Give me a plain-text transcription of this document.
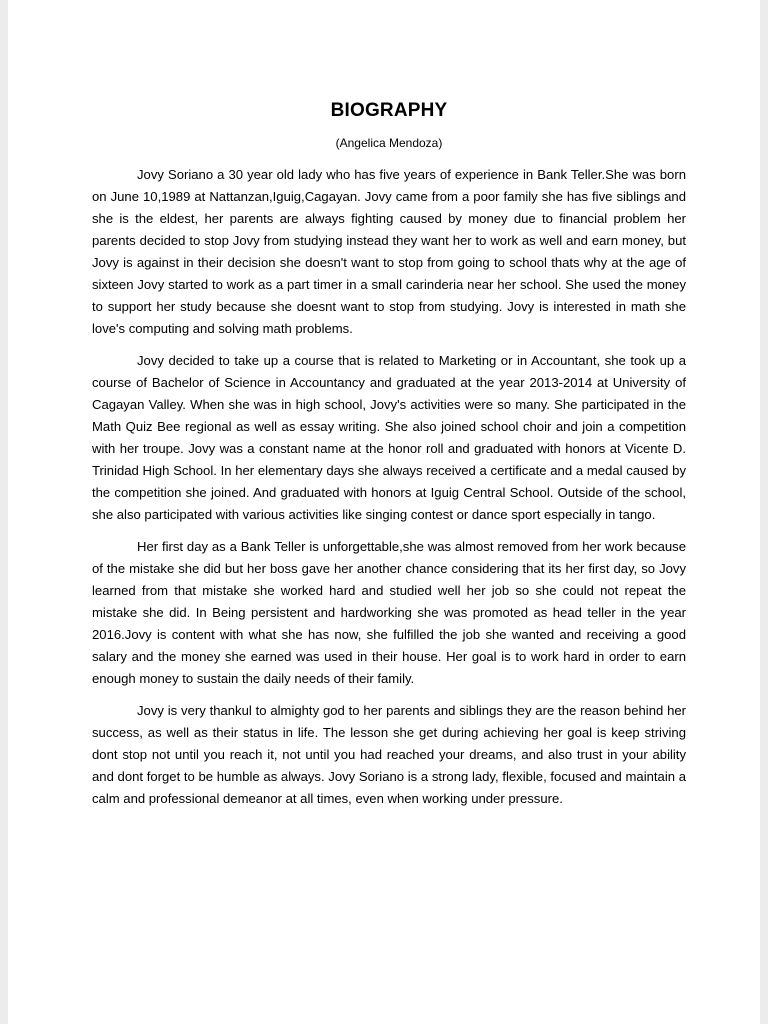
BIOGRAPHY

(Angelica Mendoza)

Jovy Soriano a 30 year old lady who has five years of experience in Bank Teller.She was born on June 10,1989 at Nattanzan,Iguig,Cagayan. Jovy came from a poor family she has five siblings and she is the eldest, her parents are always fighting caused by money due to financial problem her parents decided to stop Jovy from studying instead they want her to work as well and earn money, but Jovy is against in their decision she doesn't want to stop from going to school thats why at the age of sixteen Jovy started to work as a part timer in a small carinderia near her school. She used the money to support her study because she doesnt want to stop from studying. Jovy is interested in math she love's computing and solving math problems.

Jovy decided to take up a course that is related to Marketing or in Accountant, she took up a course of Bachelor of Science in Accountancy and graduated at the year 2013-2014 at University of Cagayan Valley. When she was in high school, Jovy's activities were so many. She participated in the Math Quiz Bee regional as well as essay writing. She also joined school choir and join a competition with her troupe. Jovy was a constant name at the honor roll and graduated with honors at Vicente D. Trinidad High School. In her elementary days she always received a certificate and a medal caused by the competition she joined. And graduated with honors at Iguig Central School. Outside of the school, she also participated with various activities like singing contest or dance sport especially in tango.

Her first day as a Bank Teller is unforgettable,she was almost removed from her work because of the mistake she did but her boss gave her another chance considering that its her first day, so Jovy learned from that mistake she worked hard and studied well her job so she could not repeat the mistake she did. In Being persistent and hardworking she was promoted as head teller in the year 2016.Jovy is content with what she has now, she fulfilled the job she wanted and receiving a good salary and the money she earned was used in their house. Her goal is to work hard in order to earn enough money to sustain the daily needs of their family.

Jovy is very thankul to almighty god to her parents and siblings they are the reason behind her success, as well as their status in life. The lesson she get during achieving her goal is keep striving dont stop not until you reach it, not until you had reached your dreams, and also trust in your ability and dont forget to be humble as always. Jovy Soriano is a strong lady, flexible, focused and maintain a calm and professional demeanor at all times, even when working under pressure.
